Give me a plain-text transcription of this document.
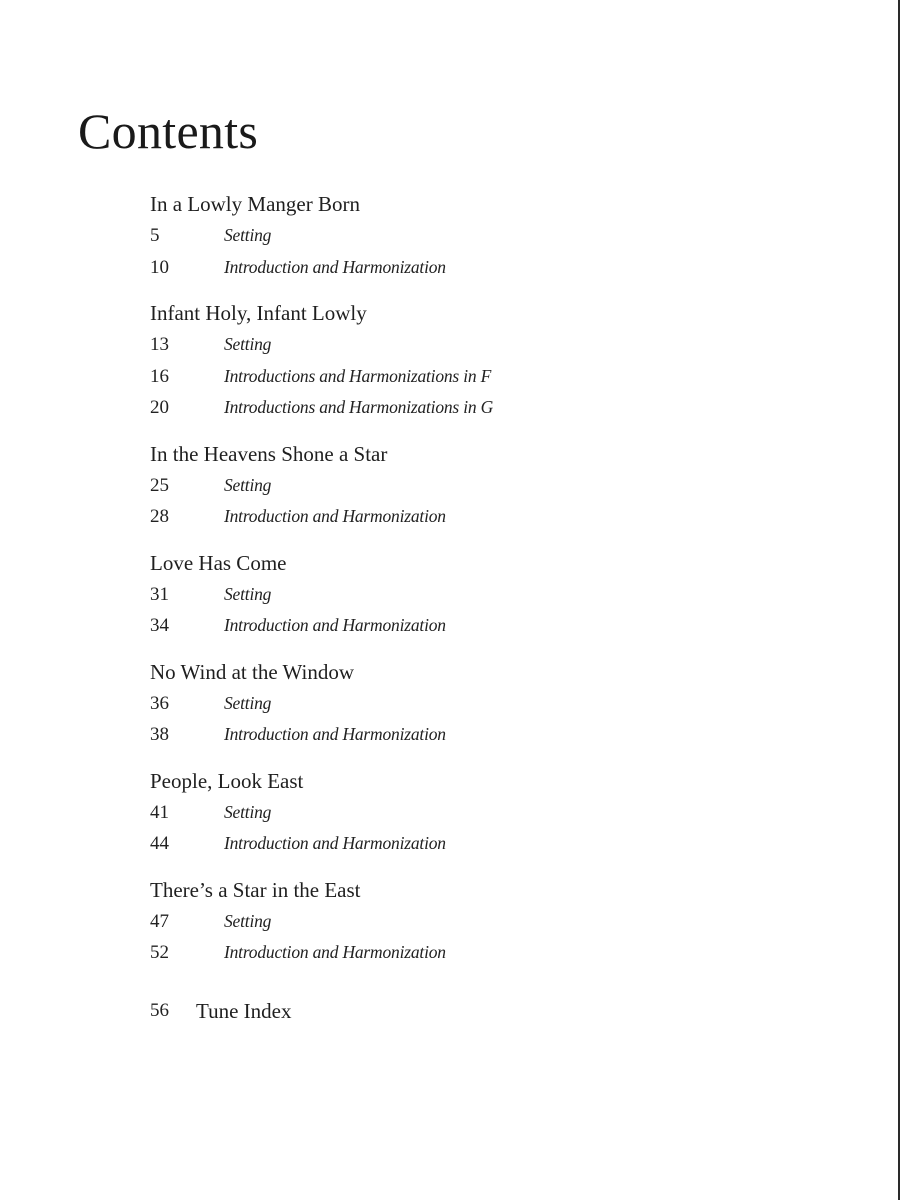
Contents
In a Lowly Manger Born
5	Setting
10	Introduction and Harmonization
Infant Holy, Infant Lowly
13	Setting
16	Introductions and Harmonizations in F
20	Introductions and Harmonizations in G
In the Heavens Shone a Star
25	Setting
28	Introduction and Harmonization
Love Has Come
31	Setting
34	Introduction and Harmonization
No Wind at the Window
36	Setting
38	Introduction and Harmonization
People, Look East
41	Setting
44	Introduction and Harmonization
There’s a Star in the East
47	Setting
52	Introduction and Harmonization
56	Tune Index
